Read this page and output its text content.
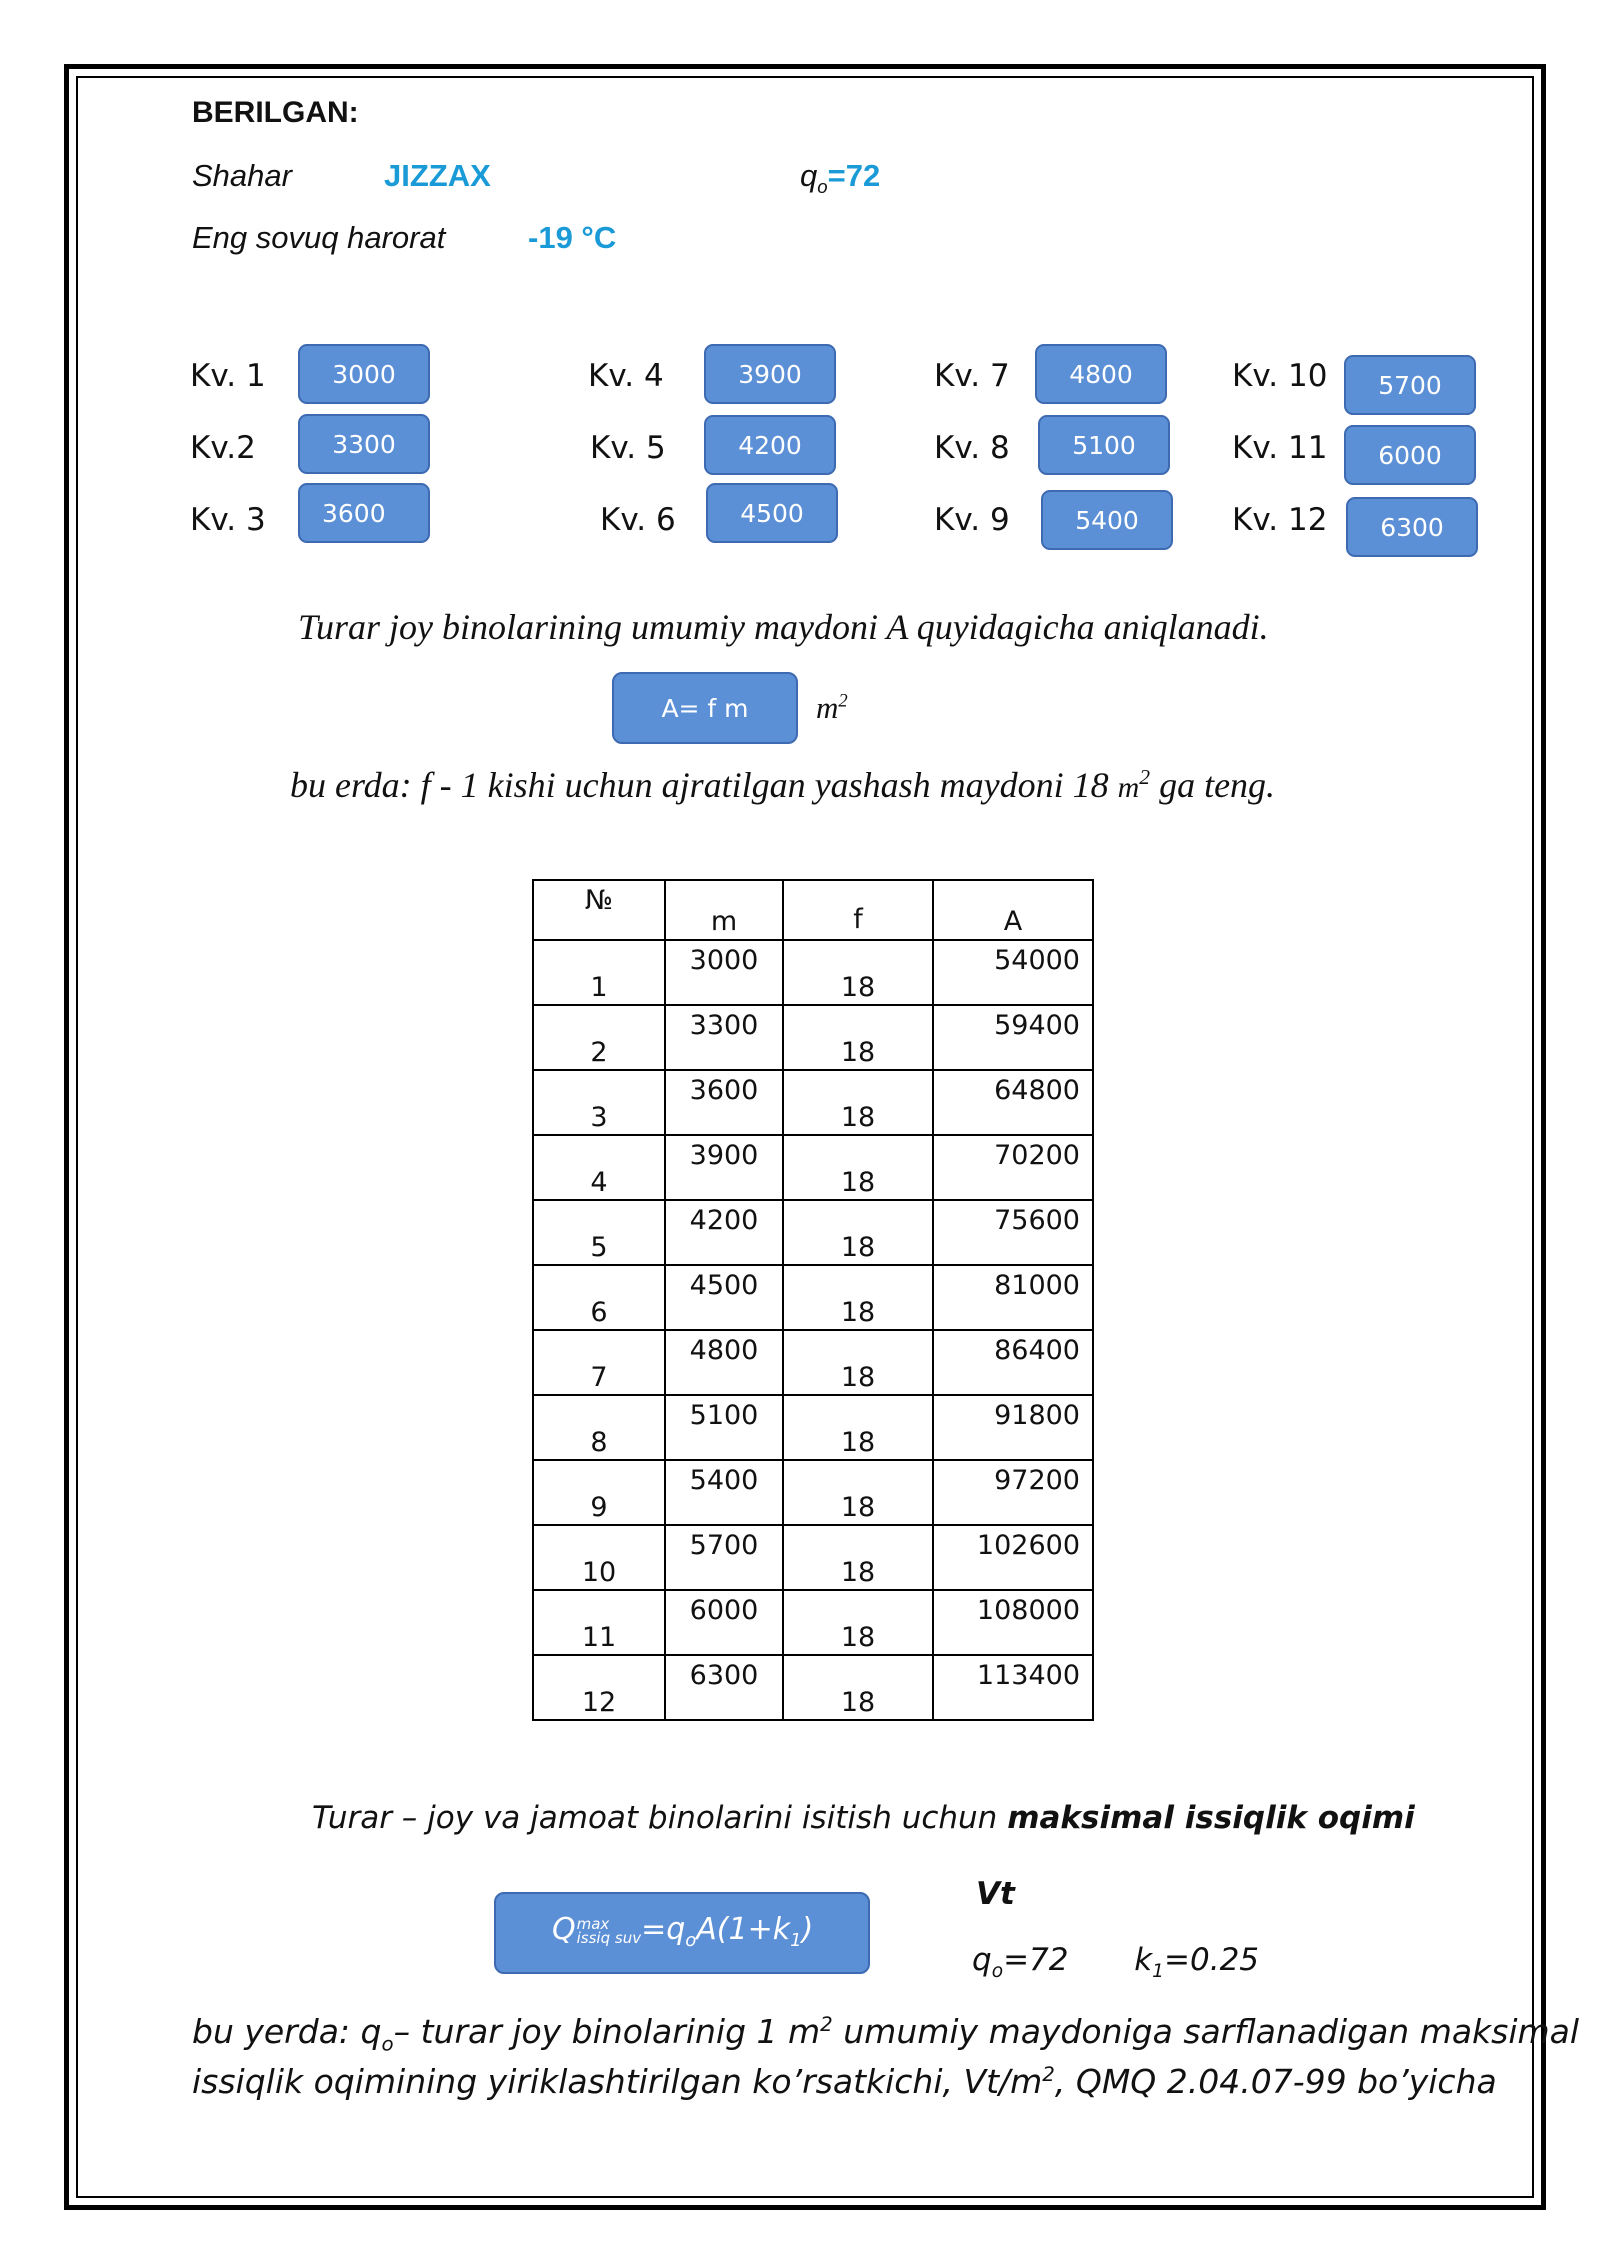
BERILGAN:
Shahar	JIZZAX	$q_o=72$
Eng sovuq harorat	-19 °C
Kv. 1	3000
Kv.2	3300
Kv. 3	3600
Kv. 4	3900
Kv. 5	4200
Kv. 6	4500
Kv. 7	4800
Kv. 8	5100
Kv. 9	5400
Kv. 10	5700
Kv. 11	6000
Kv. 12	6300
Turar joy binolarining umumiy maydoni A quyidagicha aniqlanadi.
A= f m	$m^2$
bu erda: f - 1 kishi uchun ajratilgan yashash maydoni 18 $m^2$ ga teng.
№	m	f	A

1	3000	18	54000

2	3300	18	59400

3	3600	18	64800

4	3900	18	70200

5	4200	18	75600

6	4500	18	81000

7	4800	18	86400

8	5100	18	91800

9	5400	18	97200

10	5700	18	102600

11	6000	18	108000

12	6300	18	113400
Turar – joy va jamoat binolarini isitish uchun maksimal issiqlik oqimi
Vt
Q max
issiq suv $=q_oA(1+k_1)$
$q_o=72$ $k_1=0.25$
bu yerda: $q_o-$ turar joy binolarinig 1 $m^2$ umumiy maydoniga sarflanadigan maksimal
issiqlik oqimining yiriklashtirilgan ko’rsatkichi, $Vt/m^2$, QMQ 2.04.07-99 bo’yicha
